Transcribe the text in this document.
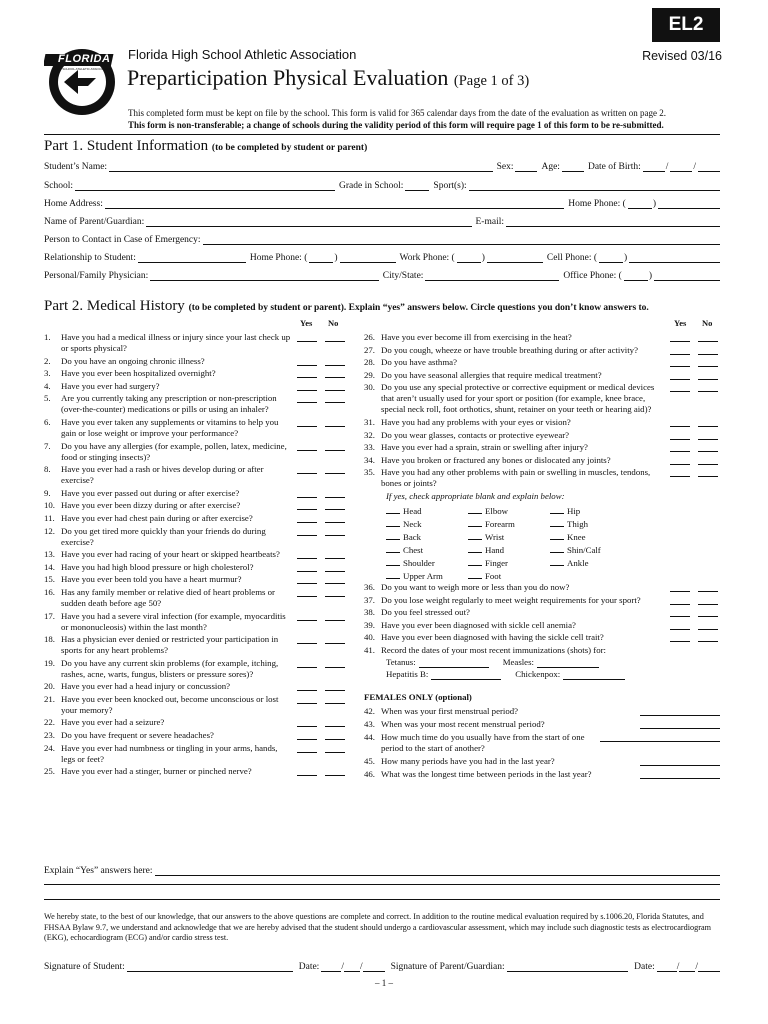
EL2
Revised 03/16
FLORIDA
HIGH SCHOOL ATHLETIC ASSOCIATION
Florida High School Athletic Association
Preparticipation Physical Evaluation (Page 1 of 3)
This completed form must be kept on file by the school. This form is valid for 365 calendar days from the date of the evaluation as written on page 2.
This form is non-transferable; a change of schools during the validity period of this form will require page 1 of this form to be re-submitted.
Part 1. Student Information (to be completed by student or parent)
Student’s Name:	Sex:	Age:	Date of Birth:	/	/
School:	Grade in School:	Sport(s):
Home Address:	Home Phone: (	)
Name of Parent/Guardian:	E-mail:
Person to Contact in Case of Emergency:
Relationship to Student:	Home Phone: (	)	Work Phone: (	)	Cell Phone: (	)
Personal/Family Physician:	City/State:	Office Phone: (	)
Part 2. Medical History (to be completed by student or parent). Explain “yes” answers below. Circle questions you don’t know answers to.
Yes No	Yes No
1.	Have you had a medical illness or injury since your last check up or sports physical?
2.	Do you have an ongoing chronic illness?
3.	Have you ever been hospitalized overnight?
4.	Have you ever had surgery?
5.	Are you currently taking any prescription or non-prescription (over-the-counter) medications or pills or using an inhaler?
6.	Have you ever taken any supplements or vitamins to help you gain or lose weight or improve your performance?
7.	Do you have any allergies (for example, pollen, latex, medicine, food or stinging insects)?
8.	Have you ever had a rash or hives develop during or after exercise?
9.	Have you ever passed out during or after exercise?
10. Have you ever been dizzy during or after exercise?
11. Have you ever had chest pain during or after exercise?
12. Do you get tired more quickly than your friends do during exercise?
13. Have you ever had racing of your heart or skipped heartbeats?
14. Have you had high blood pressure or high cholesterol?
15. Have you ever been told you have a heart murmur?
16. Has any family member or relative died of heart problems or sudden death before age 50?
17. Have you had a severe viral infection (for example, myocarditis or mononucleosis) within the last month?
18. Has a physician ever denied or restricted your participation in sports for any heart problems?
19. Do you have any current skin problems (for example, itching, rashes, acne, warts, fungus, blisters or pressure sores)?
20. Have you ever had a head injury or concussion?
21. Have you ever been knocked out, become unconscious or lost your memory?
22. Have you ever had a seizure?
23. Do you have frequent or severe headaches?
24. Have you ever had numbness or tingling in your arms, hands, legs or feet?
25. Have you ever had a stinger, burner or pinched nerve?
26. Have you ever become ill from exercising in the heat?
27. Do you cough, wheeze or have trouble breathing during or after activity?
28. Do you have asthma?
29. Do you have seasonal allergies that require medical treatment?
30. Do you use any special protective or corrective equipment or medical devices that aren’t usually used for your sport or position (for example, knee brace, special neck roll, foot orthotics, shunt, retainer on your teeth or hearing aid)?
31. Have you had any problems with your eyes or vision?
32. Do you wear glasses, contacts or protective eyewear?
33. Have you ever had a sprain, strain or swelling after injury?
34. Have you broken or fractured any bones or dislocated any joints?
35. Have you had any other problems with pain or swelling in muscles, tendons, bones or joints?
If yes, check appropriate blank and explain below:
Head	Elbow	Hip
Neck	Forearm	Thigh
Back	Wrist	Knee
Chest	Hand	Shin/Calf
Shoulder	Finger	Ankle
Upper Arm	Foot
36. Do you want to weigh more or less than you do now?
37. Do you lose weight regularly to meet weight requirements for your sport?
38. Do you feel stressed out?
39. Have you ever been diagnosed with sickle cell anemia?
40. Have you ever been diagnosed with having the sickle cell trait?
41. Record the dates of your most recent immunizations (shots) for:
Tetanus:	Measles:
Hepatitis B:	Chickenpox:
FEMALES ONLY (optional)
42. When was your first menstrual period?
43. When was your most recent menstrual period?
44. How much time do you usually have from the start of one period to the start of another?
45. How many periods have you had in the last year?
46. What was the longest time between periods in the last year?
Explain “Yes” answers here:
We hereby state, to the best of our knowledge, that our answers to the above questions are complete and correct. In addition to the routine medical evaluation required by s.1006.20, Florida Statutes, and FHSAA Bylaw 9.7, we understand and acknowledge that we are hereby advised that the student should undergo a cardiovascular assessment, which may include such diagnostic tests as electrocardiogram (EKG), echocardiogram (ECG) and/or cardio stress test.
Signature of Student:	Date: / /	Signature of Parent/Guardian:	Date: / /
– 1 –
